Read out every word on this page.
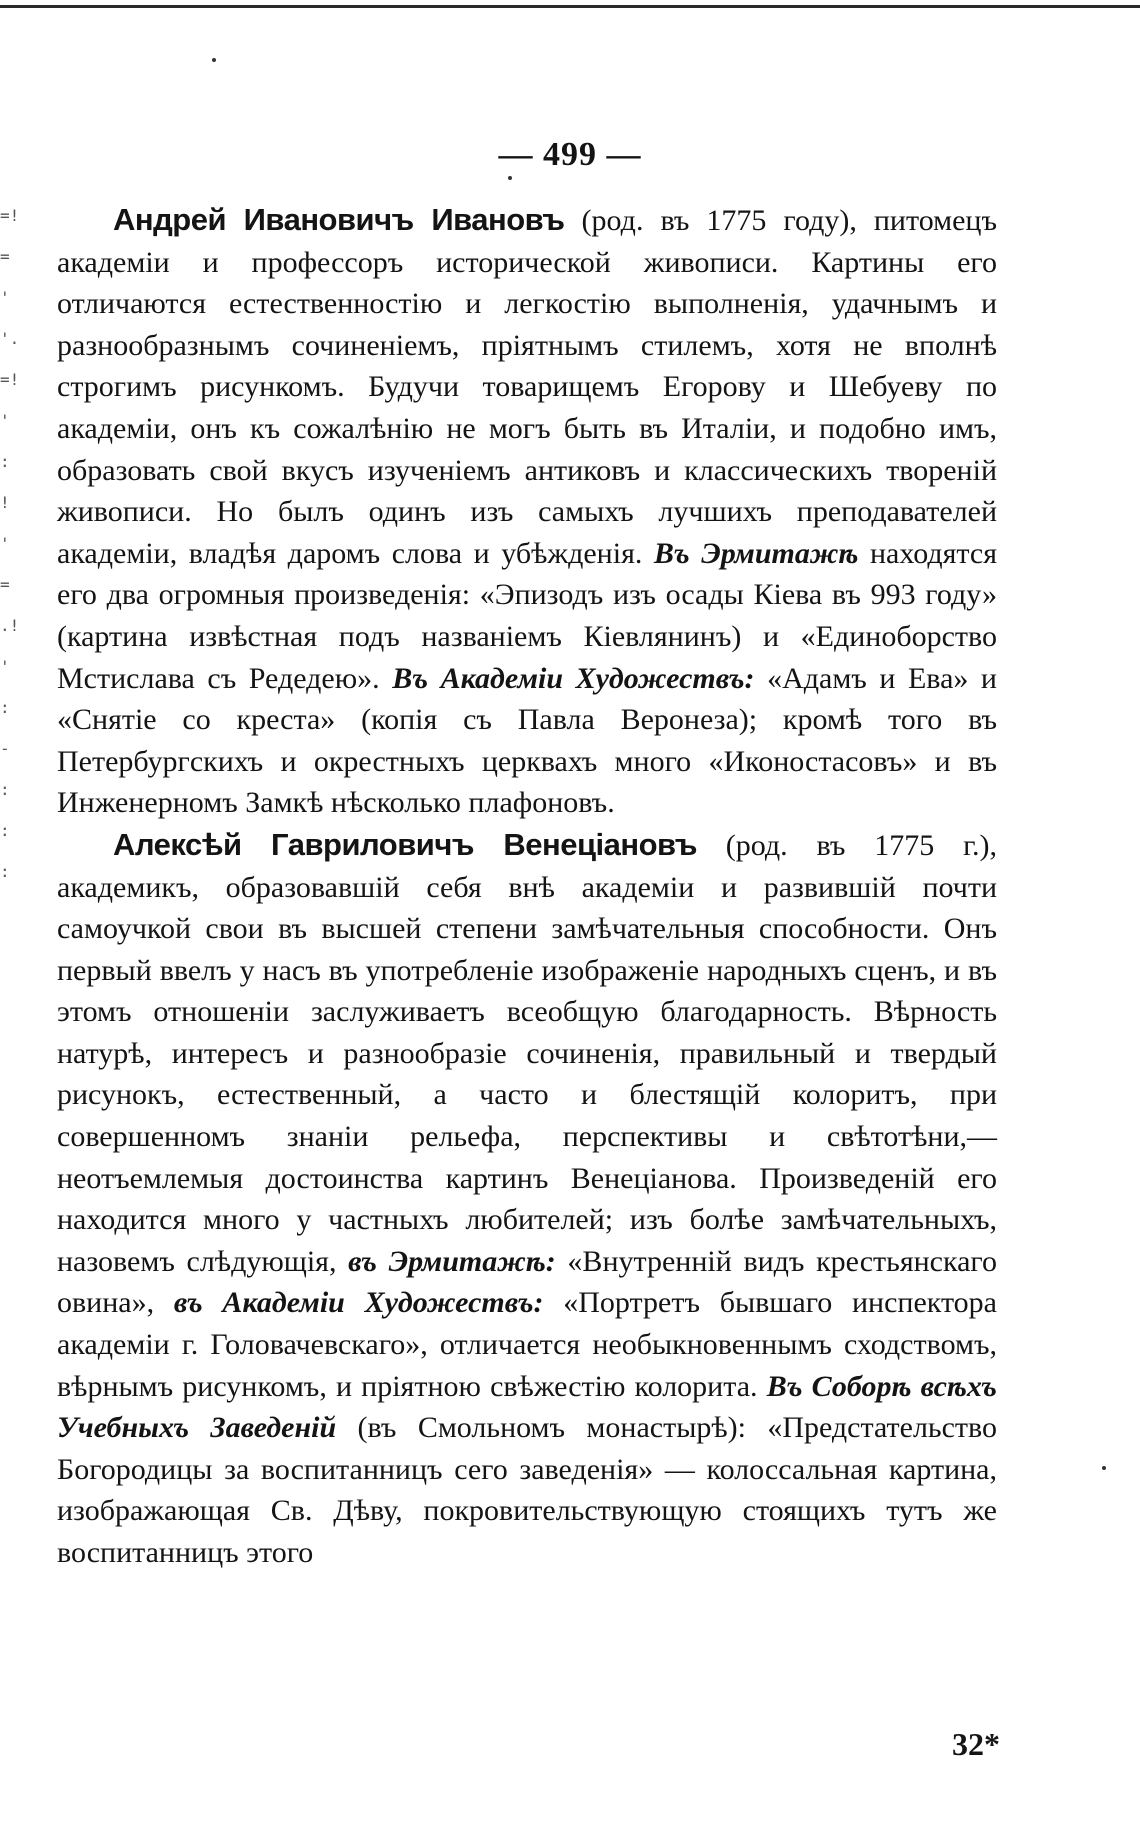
— 499 —
=!
=
'
'.
=!
'
:
!
'
=
.!
'
:
-
:
:
:

Андрей Ивановичъ Ивановъ (род. въ 1775 году), питомецъ академіи и профессоръ исторической живописи. Картины его отличаются естественностію и легкостію выполненія, удачнымъ и разнообразнымъ сочиненіемъ, пріятнымъ стилемъ, хотя не вполнѣ строгимъ рисункомъ. Будучи товарищемъ Егорову и Шебуеву по академіи, онъ къ сожалѣнію не могъ быть въ Италіи, и подобно имъ, образовать свой вкусъ изученіемъ антиковъ и классическихъ твореній живописи. Но былъ одинъ изъ самыхъ лучшихъ преподавателей академіи, владѣя даромъ слова и убѣжденія. Въ Эрмитажѣ находятся его два огромныя произведенія: «Эпизодъ изъ осады Кіева въ 993 году» (картина извѣстная подъ названіемъ Кіевлянинъ) и «Единоборство Мстислава съ Редедею». Въ Академіи Художествъ: «Адамъ и Ева» и «Снятіе со креста» (копія съ Павла Веронеза); кромѣ того въ Петербургскихъ и окрестныхъ церквахъ много «Иконостасовъ» и въ Инженерномъ Замкѣ нѣсколько плафоновъ.

Алексѣй Гавриловичъ Венеціановъ (род. въ 1775 г.), академикъ, образовавшій себя внѣ академіи и развившій почти самоучкой свои въ высшей степени замѣчательныя способности. Онъ первый ввелъ у насъ въ употребленіе изображеніе народныхъ сценъ, и въ этомъ отношеніи заслуживаетъ всеобщую благодарность. Вѣрность натурѣ, интересъ и разнообразіе сочиненія, правильный и твердый рисунокъ, естественный, а часто и блестящій колоритъ, при совершенномъ знаніи рельефа, перспективы и свѣтотѣни,—неотъемлемыя достоинства картинъ Венеціанова. Произведеній его находится много у частныхъ любителей; изъ болѣе замѣчательныхъ, назовемъ слѣдующія, въ Эрмитажѣ: «Внутренній видъ крестьянскаго овина», въ Академіи Художествъ: «Портретъ бывшаго инспектора академіи г. Головачевскаго», отличается необыкновеннымъ сходствомъ, вѣрнымъ рисункомъ, и пріятною свѣжестію колорита. Въ Соборѣ всѣхъ Учебныхъ Заведеній (въ Смольномъ монастырѣ): «Предстательство Богородицы за воспитанницъ сего заведенія» — колоссальная картина, изображающая Св. Дѣву, покровительствующую стоящихъ тутъ же воспитанницъ этого

32*
